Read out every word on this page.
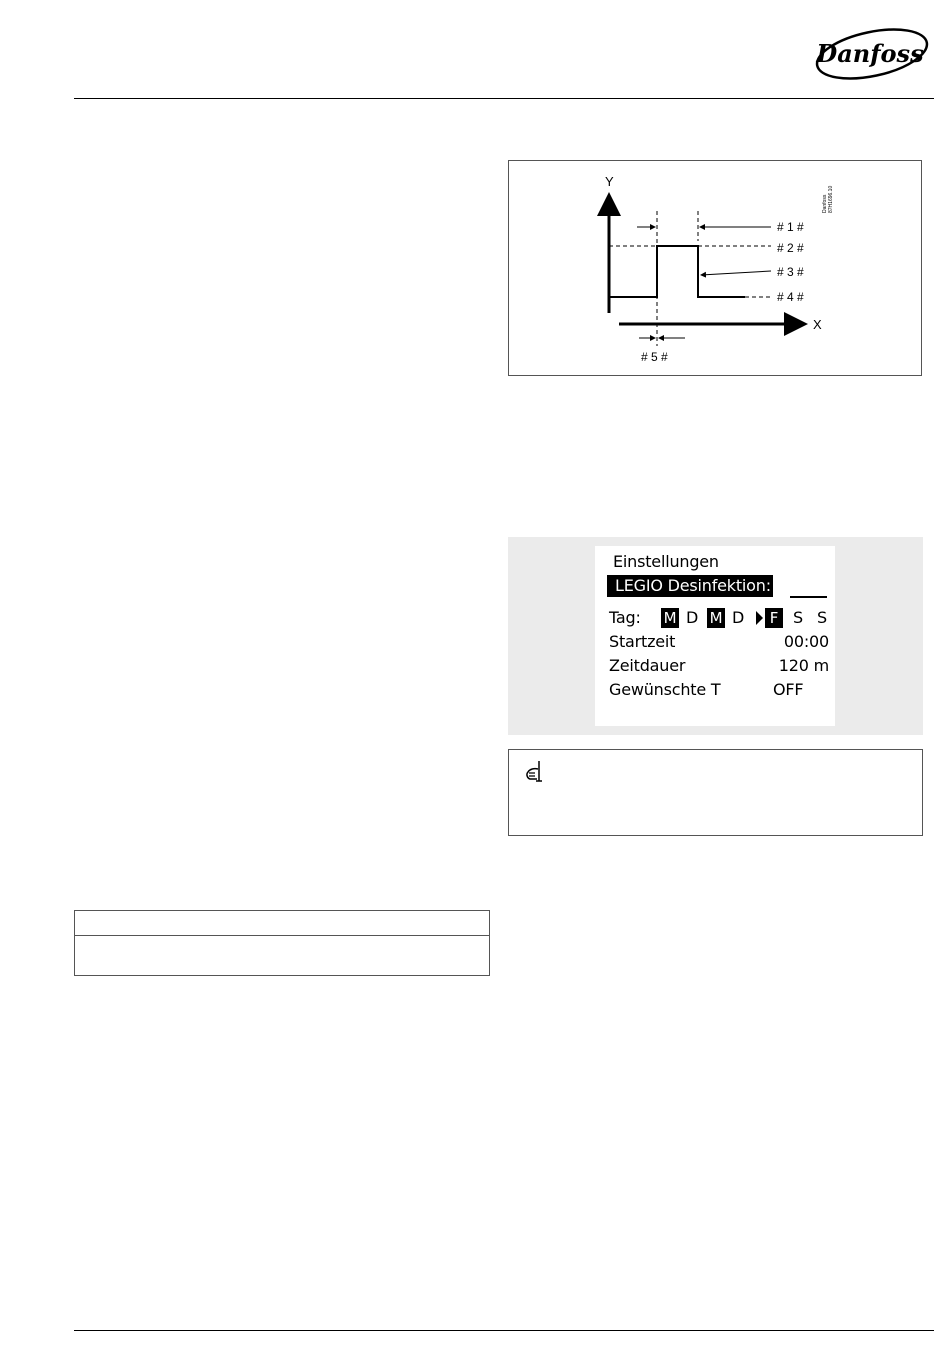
Danfoss
Y
X
# 1 #
# 2 #
# 3 #
# 4 #
# 5 #
Danfoss 87H1696.10
Einstellungen
LEGIO Desinfektion:
Tag: M D M D	F S S
Startzeit	00:00
Zeitdauer	120 m
Gewünschte T	OFF
